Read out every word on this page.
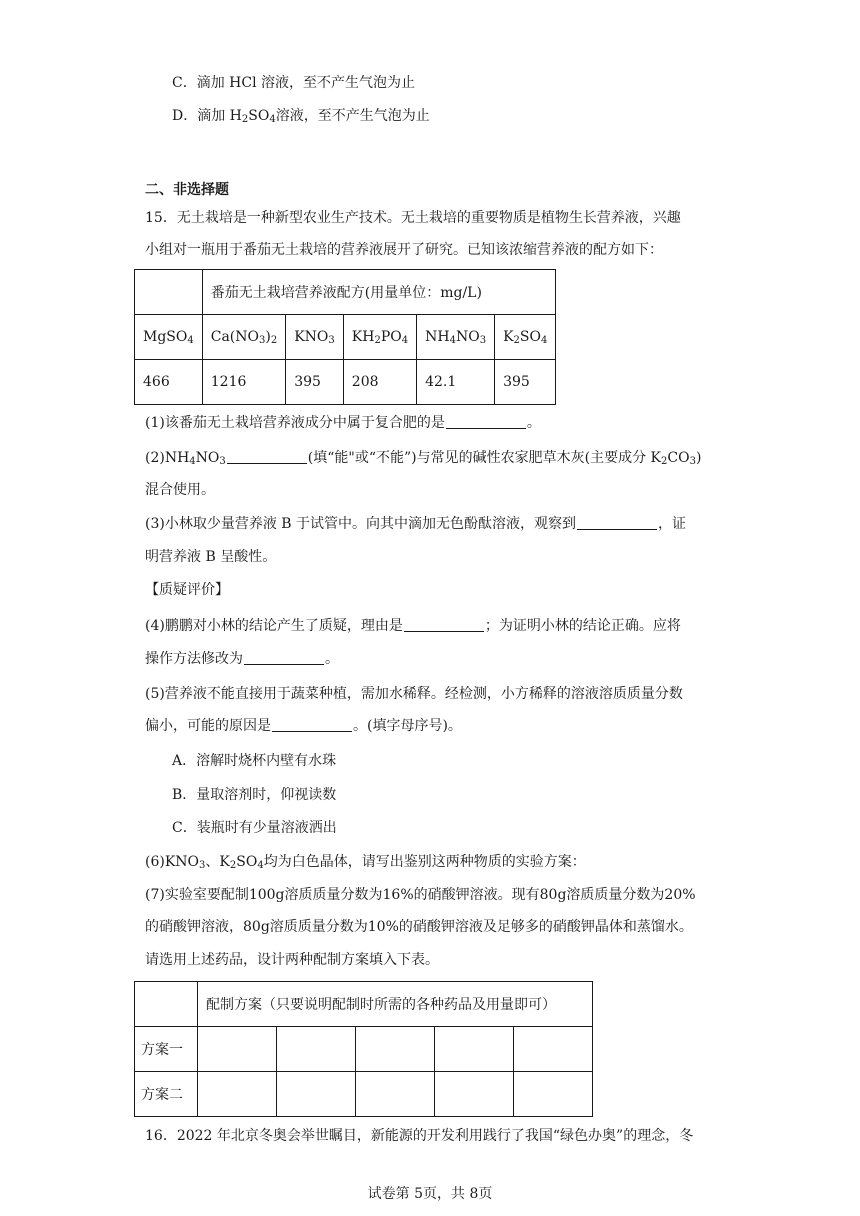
C．滴加 HCl 溶液，至不产生气泡为止
D．滴加 $H_2SO_4$溶液，至不产生气泡为止
二、非选择题
15．无土栽培是一种新型农业生产技术。无土栽培的重要物质是植物生长营养液，兴趣
小组对一瓶用于番茄无土栽培的营养液展开了研究。已知该浓缩营养液的配方如下：
	番茄无土栽培营养液配方(用量单位：mg/L)				
MgSO$_4$	$Ca(NO_3)_2$	$KNO_3$	$KH_2PO_4$	$NH_4NO_3$	$K_2SO_4$
466	1216	395	208	42.1	395
(1)该番茄无土栽培营养液成分中属于复合肥的是	。
$(2)NH_4NO_3$	(填“能"或“不能”)与常见的碱性农家肥草木灰(主要成分 $K_2CO_3$)
混合使用。
(3)小林取少量营养液 B 于试管中。向其中滴加无色酚酞溶液，观察到	，证
明营养液 B 呈酸性。
【质疑评价】
(4)鹏鹏对小林的结论产生了质疑，理由是	；为证明小林的结论正确。应将
操作方法修改为	。
(5)营养液不能直接用于蔬菜种植，需加水稀释。经检测，小方稀释的溶液溶质质量分数
偏小，可能的原因是	。(填字母序号)。
A．溶解时烧杯内壁有水珠
B．量取溶剂时，仰视读数
C．装瓶时有少量溶液洒出
$(6)KNO_3$、$K_2SO_4$均为白色晶体，请写出鉴别这两种物质的实验方案：
(7)实验室要配制100g溶质质量分数为16%的硝酸钾溶液。现有80g溶质质量分数为20%
的硝酸钾溶液，80g溶质质量分数为10%的硝酸钾溶液及足够多的硝酸钾晶体和蒸馏水。
请选用上述药品，设计两种配制方案填入下表。
	配制方案（只要说明配制时所需的各种药品及用量即可）				
方案一					
方案二					
16．2022 年北京冬奥会举世瞩目，新能源的开发利用践行了我国“绿色办奥”的理念，冬
试卷第 5页，共 8页
